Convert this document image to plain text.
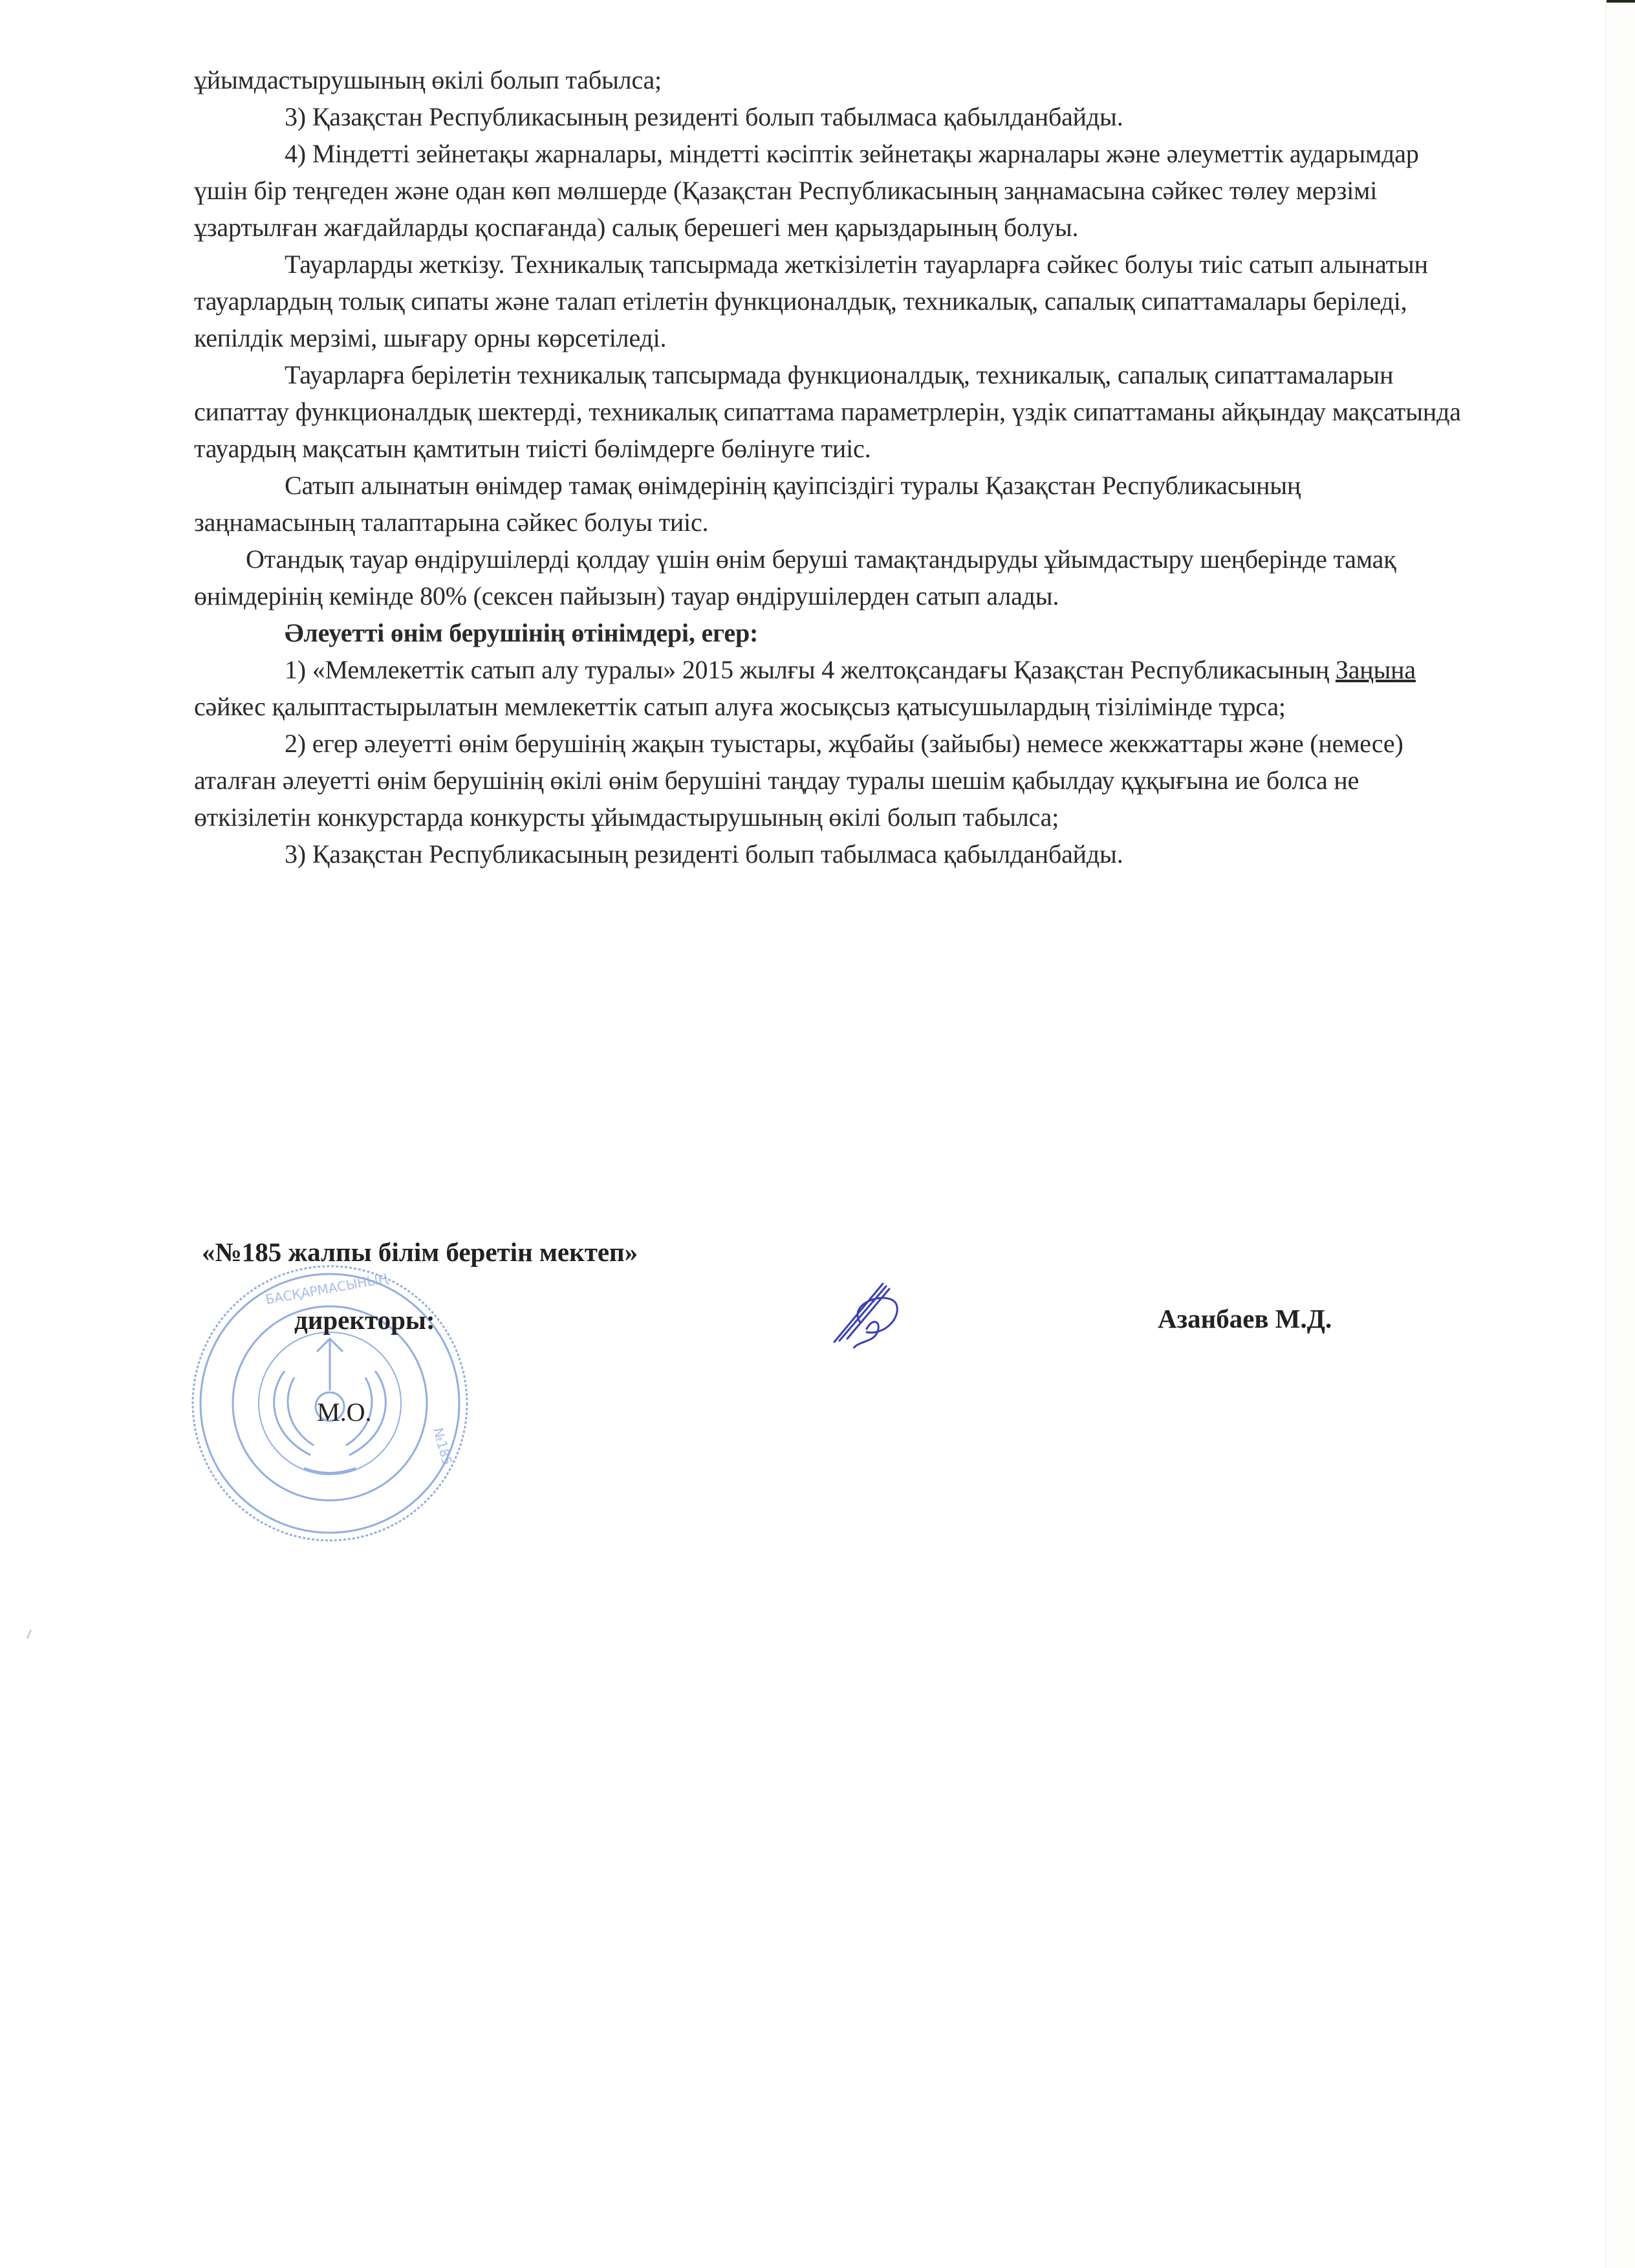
ұйымдастырушының өкілі болып табылса;

3) Қазақстан Республикасының резиденті болып табылмаса қабылданбайды.

4) Міндетті зейнетақы жарналары, міндетті кәсіптік зейнетақы жарналары және әлеуметтік аударымдар үшін бір теңгеден және одан көп мөлшерде (Қазақстан Республикасының заңнамасына сәйкес төлеу мерзімі ұзартылған жағдайларды қоспағанда) салық берешегі мен қарыздарының болуы.

Тауарларды жеткізу. Техникалық тапсырмада жеткізілетін тауарларға сәйкес болуы тиіс сатып алынатын тауарлардың толық сипаты және талап етілетін функционалдық, техникалық, сапалық сипаттамалары беріледі, кепілдік мерзімі, шығару орны көрсетіледі.

Тауарларға берілетін техникалық тапсырмада функционалдық, техникалық, сапалық сипаттамаларын сипаттау функционалдық шектерді, техникалық сипаттама параметрлерін, үздік сипаттаманы айқындау мақсатында тауардың мақсатын қамтитын тиісті бөлімдерге бөлінуге тиіс.

Сатып алынатын өнімдер тамақ өнімдерінің қауіпсіздігі туралы Қазақстан Республикасының заңнамасының талаптарына сәйкес болуы тиіс.

Отандық тауар өндірушілерді қолдау үшін өнім беруші тамақтандыруды ұйымдастыру шеңберінде тамақ өнімдерінің кемінде 80% (сексен пайызын) тауар өндірушілерден сатып алады.

Әлеуетті өнім берушінің өтінімдері, егер:

1) «Мемлекеттік сатып алу туралы» 2015 жылғы 4 желтоқсандағы Қазақстан Республикасының Заңына сәйкес қалыптастырылатын мемлекеттік сатып алуға жосықсыз қатысушылардың тізілімінде тұрса;

2) егер әлеуетті өнім берушінің жақын туыстары, жұбайы (зайыбы) немесе жекжаттары және (немесе) аталған әлеуетті өнім берушінің өкілі өнім берушіні таңдау туралы шешім қабылдау құқығына ие болса не өткізілетін конкурстарда конкурсты ұйымдастырушының өкілі болып табылса;

3) Қазақстан Республикасының резиденті болып табылмаса қабылданбайды.

БАСҚАРМАСЫНЫҢ
№185
«№185 жалпы білім беретін мектеп»
директоры:
М.О.
Азанбаев М.Д.
